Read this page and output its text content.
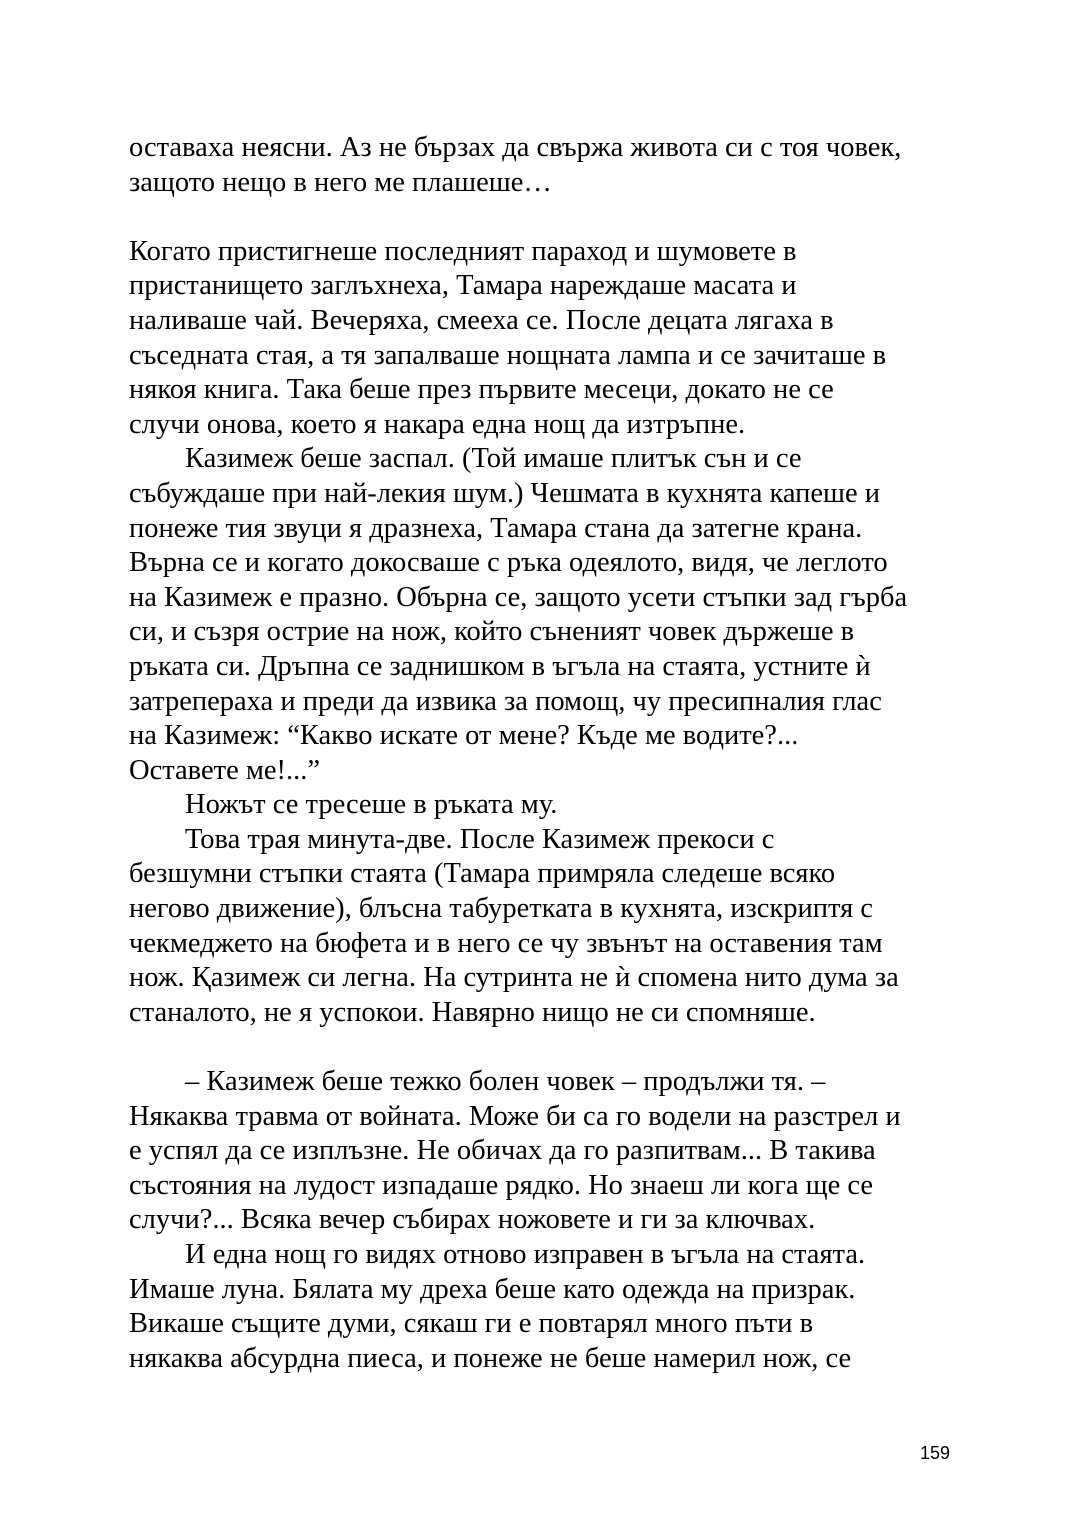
оставаха неясни. Аз не бързах да свържа живота си с тоя човек,
защото нещо в него ме плашеше…
Когато пристигнеше последният параход и шумовете в
пристанището заглъхнеха, Тамара нареждаше масата и
наливаше чай. Вечеряха, смееха се. После децата лягаха в
съседната стая, а тя запалваше нощната лампа и се зачиташе в
някоя книга. Така беше през първите месеци, докато не се
случи онова, което я накара една нощ да изтръпне.
Казимеж беше заспал. (Той имаше плитък сън и се
събуждаше при най-лекия шум.) Чешмата в кухнята капеше и
понеже тия звуци я дразнеха, Тамара стана да затегне крана.
Върна се и когато докосваше с ръка одеялото, видя, че леглото
на Казимеж е празно. Обърна се, защото усети стъпки зад гърба
си, и съзря острие на нож, който сънeният човек държеше в
ръката си. Дръпна се заднишком в ъгъла на стаята, устните ѝ
затреперaха и преди да извика за помощ, чу пресипналия глас
на Казимеж: “Какво искате от мене? Къде ме водите?...
Оставете ме!...”
Ножът се тресеше в ръката му.
Това трая минута-две. После Казимеж прекоси с
безшумни стъпки стаята (Тамара примряла следеше всяко
негово движение), блъсна табуретката в кухнята, изскриптя с
чекмеджето на бюфета и в него се чу звънът на оставения там
нож. Қазимеж си легна. На сутринта не ѝ спомена нито дума за
станалото, не я успокои. Навярно нищо не си спомняше.
– Казимеж беше тежко болен човек – продължи тя. –
Някаква травма от войната. Може би са го водели на разстрел и
е успял да се изплъзне. Не обичах да го разпитвам... В такива
състояния на лудост изпадаше рядко. Но знаеш ли кога ще се
случи?... Всяка вечер събирах ножовете и ги за ключвах.
И една нощ го видях отново изправен в ъгъла на стаята.
Имаше луна. Бялата му дреха беше като одежда на призрак.
Викаше същите думи, сякаш ги е повтарял много пъти в
някаква абсурдна пиеса, и понеже не беше намерил нож, се
159
